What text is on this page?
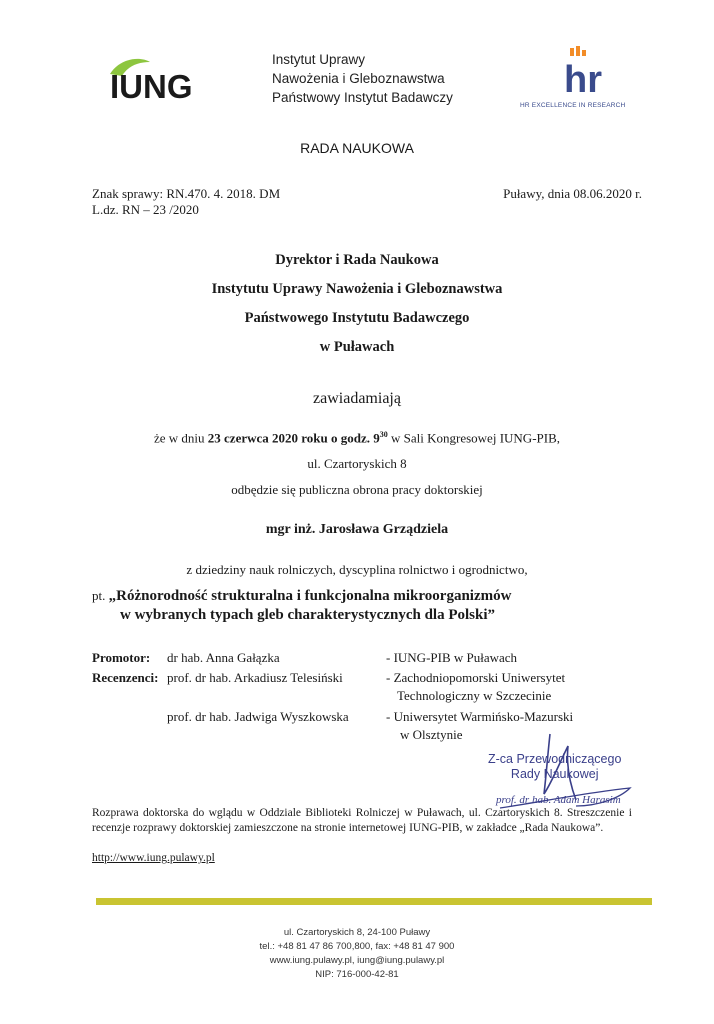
IUNG
Instytut Uprawy
Nawożenia i Gleboznawstwa
Państwowy Instytut Badawczy	hr
HR EXCELLENCE IN RESEARCH
RADA NAUKOWA
Znak sprawy: RN.470. 4. 2018. DM
L.dz. RN – 23 /2020
Puławy, dnia 08.06.2020 r.
Dyrektor i Rada Naukowa
Instytutu Uprawy Nawożenia i Gleboznawstwa
Państwowego Instytutu Badawczego
w Puławach
zawiadamiają
że w dniu 23 czerwca 2020 roku o godz. $9^{30}$ w Sali Kongresowej IUNG-PIB,
ul. Czartoryskich 8
odbędzie się publiczna obrona pracy doktorskiej
mgr inż. Jarosława Grządziela
z dziedziny nauk rolniczych, dyscyplina rolnictwo i ogrodnictwo,
pt. „Różnorodność strukturalna i funkcjonalna mikroorganizmów
w wybranych typach gleb charakterystycznych dla Polski”
Promotor: dr hab. Anna Gałązka	- IUNG-PIB w Puławach
Recenzenci: prof. dr hab. Arkadiusz Telesiński	- Zachodniopomorski Uniwersytet
Technologiczny w Szczecinie
prof. dr hab. Jadwiga Wyszkowska	- Uniwersytet Warmińsko-Mazurski
w Olsztynie
Z-ca Przewodniczącego
Rady Naukowej
prof. dr hab. Adam Harasim
Rozprawa doktorska do wglądu w Oddziale Biblioteki Rolniczej w Puławach, ul. Czartoryskich 8. Streszczenie i recenzje rozprawy doktorskiej zamieszczone na stronie internetowej IUNG-PIB, w zakładce „Rada Naukowa”.
http://www.iung.pulawy.pl
ul. Czartoryskich 8, 24-100 Puławy
tel.: +48 81 47 86 700,800, fax: +48 81 47 900
www.iung.pulawy.pl, iung@iung.pulawy.pl
NIP: 716-000-42-81
